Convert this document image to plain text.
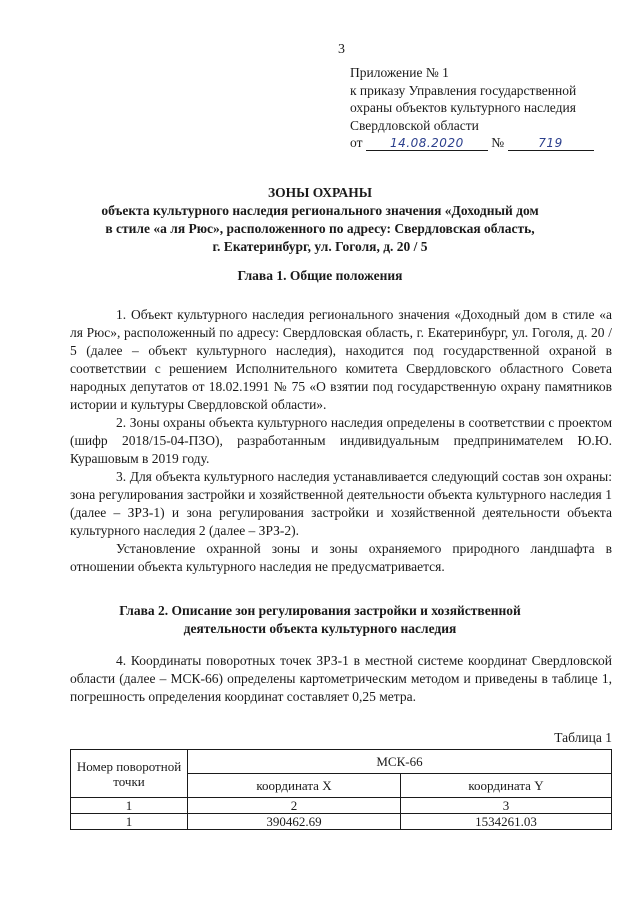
3
Приложение № 1
к приказу Управления государственной
охраны объектов культурного наследия
Свердловской области
от 14.08.2020 №	719
ЗОНЫ ОХРАНЫ
объекта культурного наследия регионального значения «Доходный дом
в стиле «а ля Рюс», расположенного по адресу: Свердловская область,
г. Екатеринбург, ул. Гоголя, д. 20 / 5
Глава 1. Общие положения

1. Объект культурного наследия регионального значения «Доходный дом в стиле «а ля Рюс», расположенный по адресу: Свердловская область, г. Екатеринбург, ул. Гоголя, д. 20 / 5 (далее – объект культурного наследия), находится под государственной охраной в соответствии с решением Исполнительного комитета Свердловского областного Совета народных депутатов от 18.02.1991 № 75 «О взятии под государственную охрану памятников истории и культуры Свердловской области».

2. Зоны охраны объекта культурного наследия определены в соответствии с проектом (шифр 2018/15-04-ПЗО), разработанным индивидуальным предпринимателем Ю.Ю. Курашовым в 2019 году.

3. Для объекта культурного наследия устанавливается следующий состав зон охраны: зона регулирования застройки и хозяйственной деятельности объекта культурного наследия 1 (далее – ЗРЗ-1) и зона регулирования застройки и хозяйственной деятельности объекта культурного наследия 2 (далее – ЗРЗ-2).

Установление охранной зоны и зоны охраняемого природного ландшафта в отношении объекта культурного наследия не предусматривается.

Глава 2. Описание зон регулирования застройки и хозяйственной
деятельности объекта культурного наследия

4. Координаты поворотных точек ЗРЗ-1 в местной системе координат Свердловской области (далее – МСК-66) определены картометрическим методом и приведены в таблице 1, погрешность определения координат составляет 0,25 метра.

Таблица 1
Номер поворотной точки	МСК-66	
	координата X	координата Y
1	2	3
1	390462.69	1534261.03
